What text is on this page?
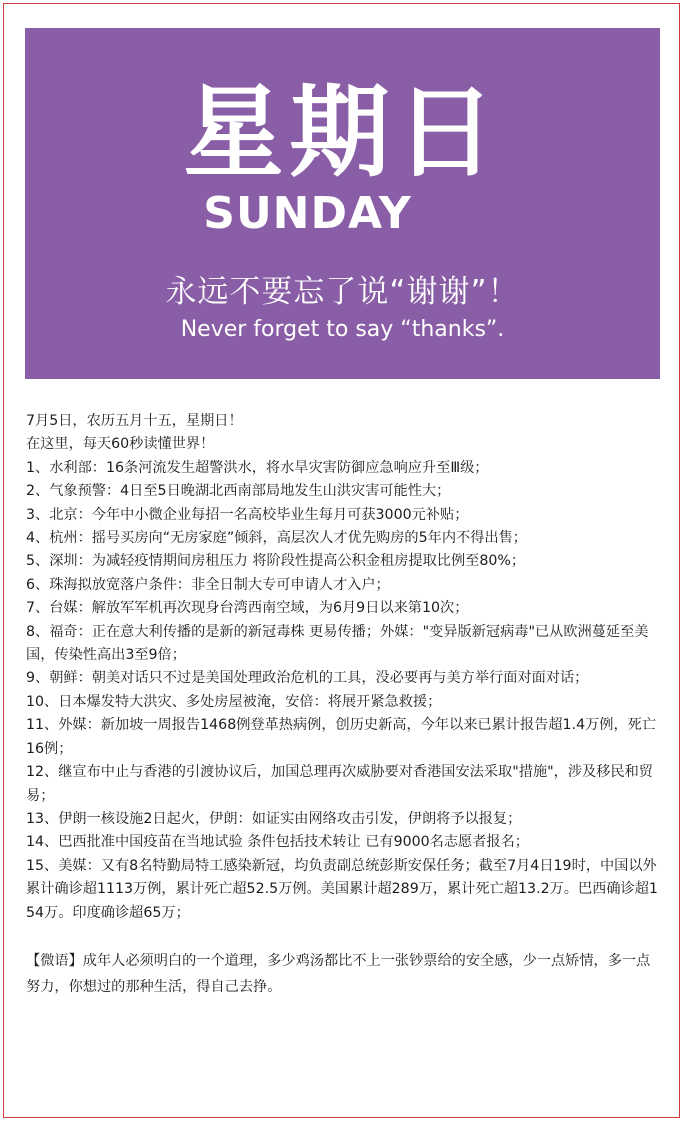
星期日
SUNDAY
永远不要忘了说“谢谢”！
Never forget to say “thanks”.

7月5日，农历五月十五，星期日！

在这里，每天60秒读懂世界！

1、水利部：16条河流发生超警洪水，将水旱灾害防御应急响应升至Ⅲ级；

2、气象预警：4日至5日晚湖北西南部局地发生山洪灾害可能性大；

3、北京：今年中小微企业每招一名高校毕业生每月可获3000元补贴；

4、杭州：摇号买房向“无房家庭”倾斜，高层次人才优先购房的5年内不得出售；

5、深圳：为减轻疫情期间房租压力 将阶段性提高公积金租房提取比例至80%；

6、珠海拟放宽落户条件：非全日制大专可申请人才入户；

7、台媒：解放军军机再次现身台湾西南空域，为6月9日以来第10次；

8、福奇：正在意大利传播的是新的新冠毒株 更易传播；外媒："变异版新冠病毒"已从欧洲蔓延至美国，传染性高出3至9倍；

9、朝鲜：朝美对话只不过是美国处理政治危机的工具，没必要再与美方举行面对面对话；

10、日本爆发特大洪灾、多处房屋被淹，安倍：将展开紧急救援；

11、外媒：新加坡一周报告1468例登革热病例，创历史新高，今年以来已累计报告超1.4万例，死亡16例；

12、继宣布中止与香港的引渡协议后，加国总理再次威胁要对香港国安法采取"措施"，涉及移民和贸易；

13、伊朗一核设施2日起火，伊朗：如证实由网络攻击引发，伊朗将予以报复；

14、巴西批准中国疫苗在当地试验 条件包括技术转让 已有9000名志愿者报名；

15、美媒：又有8名特勤局特工感染新冠，均负责副总统彭斯安保任务；截至7月4日19时，中国以外累计确诊超1113万例，累计死亡超52.5万例。美国累计超289万，累计死亡超13.2万。巴西确诊超154万。印度确诊超65万；

【微语】成年人必须明白的一个道理，多少鸡汤都比不上一张钞票给的安全感，少一点矫情，多一点努力，你想过的那种生活，得自己去挣。
